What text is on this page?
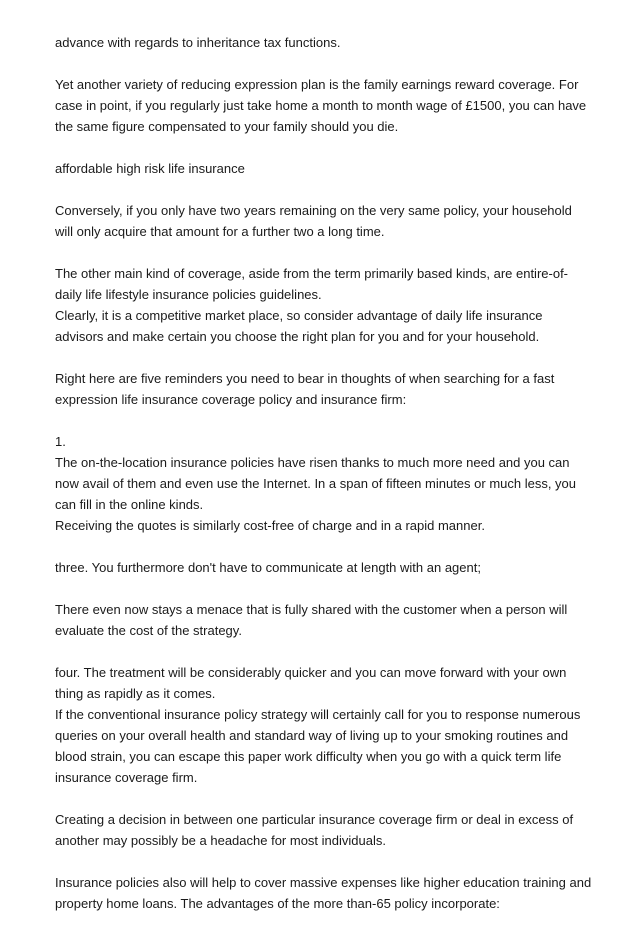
advance with regards to inheritance tax functions.

Yet another variety of reducing expression plan is the family earnings reward coverage. For
case in point, if you regularly just take home a month to month wage of £1500, you can have
the same figure compensated to your family should you die.

affordable high risk life insurance

Conversely, if you only have two years remaining on the very same policy, your household
will only acquire that amount for a further two a long time.

The other main kind of coverage, aside from the term primarily based kinds, are entire-of-
daily life lifestyle insurance policies guidelines.
Clearly, it is a competitive market place, so consider advantage of daily life insurance
advisors and make certain you choose the right plan for you and for your household.

Right here are five reminders you need to bear in thoughts of when searching for a fast
expression life insurance coverage policy and insurance firm:

1.
The on-the-location insurance policies have risen thanks to much more need and you can
now avail of them and even use the Internet. In a span of fifteen minutes or much less, you
can fill in the online kinds.
Receiving the quotes is similarly cost-free of charge and in a rapid manner.

three. You furthermore don't have to communicate at length with an agent;

There even now stays a menace that is fully shared with the customer when a person will
evaluate the cost of the strategy.

four. The treatment will be considerably quicker and you can move forward with your own
thing as rapidly as it comes.
If the conventional insurance policy strategy will certainly call for you to response numerous
queries on your overall health and standard way of living up to your smoking routines and
blood strain, you can escape this paper work difficulty when you go with a quick term life
insurance coverage firm.

Creating a decision in between one particular insurance coverage firm or deal in excess of
another may possibly be a headache for most individuals.

Insurance policies also will help to cover massive expenses like higher education training and
property home loans. The advantages of the more than-65 policy incorporate:
